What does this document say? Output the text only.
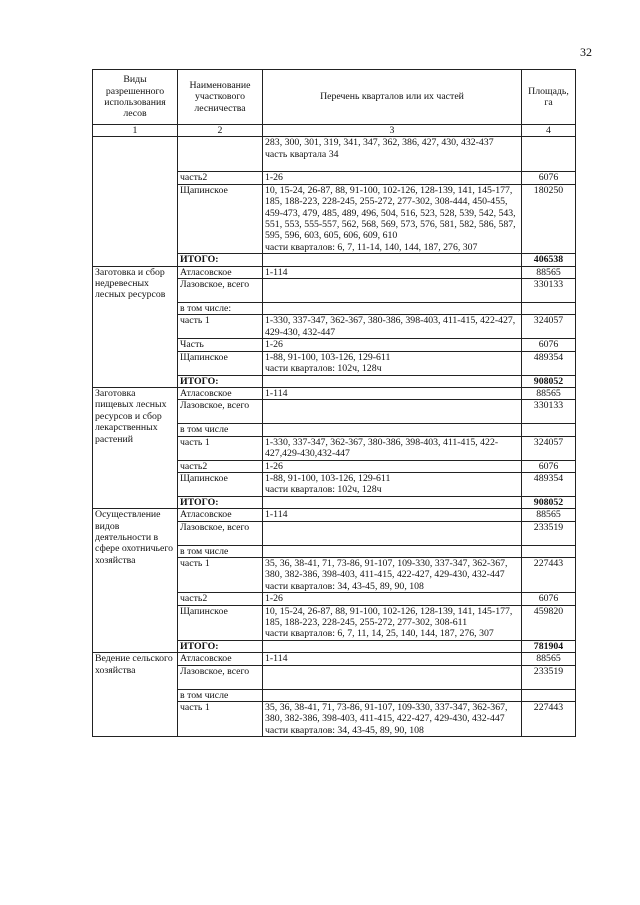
32
Виды разрешенного использования лесов	Наименование участкового лесничества	Перечень кварталов или их частей	Площадь, га
1	2	3	4
		283, 300, 301, 319, 341, 347, 362, 386, 427, 430, 432-437
часть квартала 34	
	часть2	1-26	6076
	Щапинское	10, 15-24, 26-87, 88, 91-100, 102-126, 128-139, 141, 145-177, 185, 188-223, 228-245, 255-272, 277-302, 308-444, 450-455, 459-473, 479, 485, 489, 496, 504, 516, 523, 528, 539, 542, 543, 551, 553, 555-557, 562, 568, 569, 573, 576, 581, 582, 586, 587, 595, 596, 603, 605, 606, 609, 610
части кварталов: 6, 7, 11-14, 140, 144, 187, 276, 307	180250
	ИТОГО:		406538
Заготовка и сбор недревесных лесных ресурсов	Атласовское	1-114	88565
	Лазовское, всего		330133
	в том числе:		
	часть 1	1-330, 337-347, 362-367, 380-386, 398-403, 411-415, 422-427, 429-430, 432-447	324057
	Часть	1-26	6076
	Щапинское	1-88, 91-100, 103-126, 129-611
части кварталов: 102ч, 128ч	489354
	ИТОГО:		908052
Заготовка пищевых лесных ресурсов и сбор лекарственных растений	Атласовское	1-114	88565
	Лазовское, всего		330133
	в том числе		
	часть 1	1-330, 337-347, 362-367, 380-386, 398-403, 411-415, 422-427,429-430,432-447	324057
	часть2	1-26	6076
	Щапинское	1-88, 91-100, 103-126, 129-611
части кварталов: 102ч, 128ч	489354
	ИТОГО:		908052
Осуществление видов деятельности в сфере охотничьего хозяйства	Атласовское	1-114	88565
	Лазовское, всего		233519
	в том числе		
	часть 1	35, 36, 38-41, 71, 73-86, 91-107, 109-330, 337-347, 362-367, 380, 382-386, 398-403, 411-415, 422-427, 429-430, 432-447
части кварталов: 34, 43-45, 89, 90, 108	227443
	часть2	1-26	6076
	Щапинское	10, 15-24, 26-87, 88, 91-100, 102-126, 128-139, 141, 145-177, 185, 188-223, 228-245, 255-272, 277-302, 308-611
части кварталов: 6, 7, 11, 14, 25, 140, 144, 187, 276, 307	459820
	ИТОГО:		781904
Ведение сельского хозяйства	Атласовское	1-114	88565
	Лазовское, всего		233519
	в том числе		
	часть 1	35, 36, 38-41, 71, 73-86, 91-107, 109-330, 337-347, 362-367, 380, 382-386, 398-403, 411-415, 422-427, 429-430, 432-447
части кварталов: 34, 43-45, 89, 90, 108	227443
